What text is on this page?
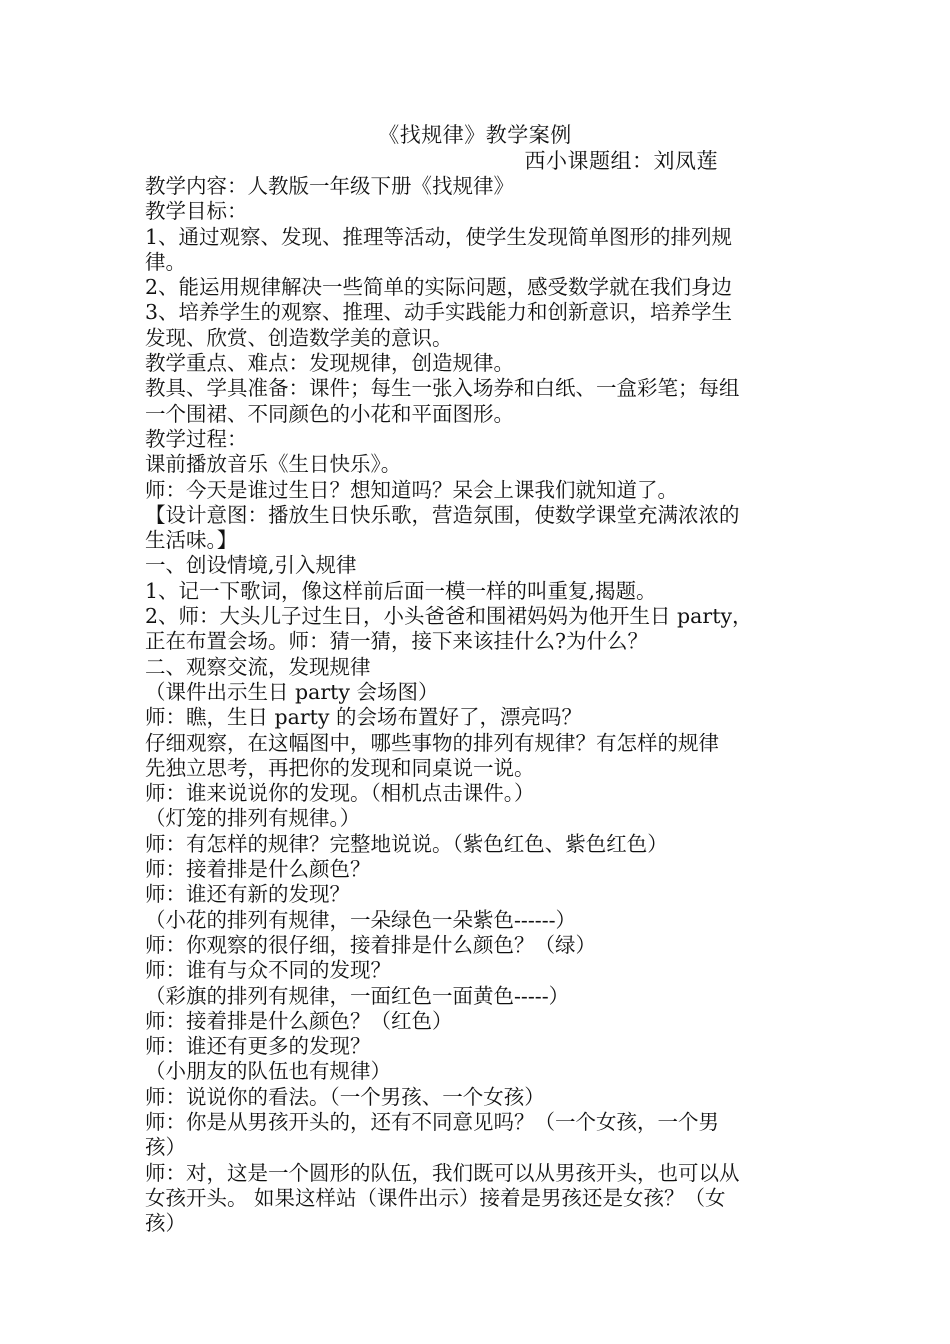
《找规律》教学案例
西小课题组：刘凤莲

教学内容：人教版一年级下册《找规律》

教学目标：

1、通过观察、发现、推理等活动，使学生发现简单图形的排列规

律。

2、能运用规律解决一些简单的实际问题，感受数学就在我们身边

3、培养学生的观察、推理、动手实践能力和创新意识，培养学生

发现、欣赏、创造数学美的意识。

教学重点、难点：发现规律，创造规律。

教具、学具准备：课件；每生一张入场券和白纸、一盒彩笔；每组

一个围裙、不同颜色的小花和平面图形。

教学过程：

课前播放音乐《生日快乐》。

师：今天是谁过生日？想知道吗？呆会上课我们就知道了。

【设计意图：播放生日快乐歌，营造氛围，使数学课堂充满浓浓的

生活味。】

一、创设情境,引入规律

1、记一下歌词，像这样前后面一模一样的叫重复,揭题。

2、师：大头儿子过生日，小头爸爸和围裙妈妈为他开生日 party，

正在布置会场。师：猜一猜，接下来该挂什么?为什么？

二、观察交流，发现规律

（课件出示生日 party 会场图）

师：瞧，生日 party 的会场布置好了，漂亮吗？

仔细观察，在这幅图中，哪些事物的排列有规律？有怎样的规律

先独立思考，再把你的发现和同桌说一说。

师：谁来说说你的发现。（相机点击课件。）

（灯笼的排列有规律。）

师：有怎样的规律？完整地说说。（紫色红色、紫色红色）

师：接着排是什么颜色？

师：谁还有新的发现？

（小花的排列有规律，一朵绿色一朵紫色------）

师：你观察的很仔细，接着排是什么颜色？（绿）

师：谁有与众不同的发现？

（彩旗的排列有规律，一面红色一面黄色-----）

师：接着排是什么颜色？（红色）

师：谁还有更多的发现？

（小朋友的队伍也有规律）

师：说说你的看法。（一个男孩、一个女孩）

师：你是从男孩开头的，还有不同意见吗？（一个女孩，一个男

孩）

师：对，这是一个圆形的队伍，我们既可以从男孩开头，也可以从

女孩开头。 如果这样站（课件出示）接着是男孩还是女孩？（女

孩）
